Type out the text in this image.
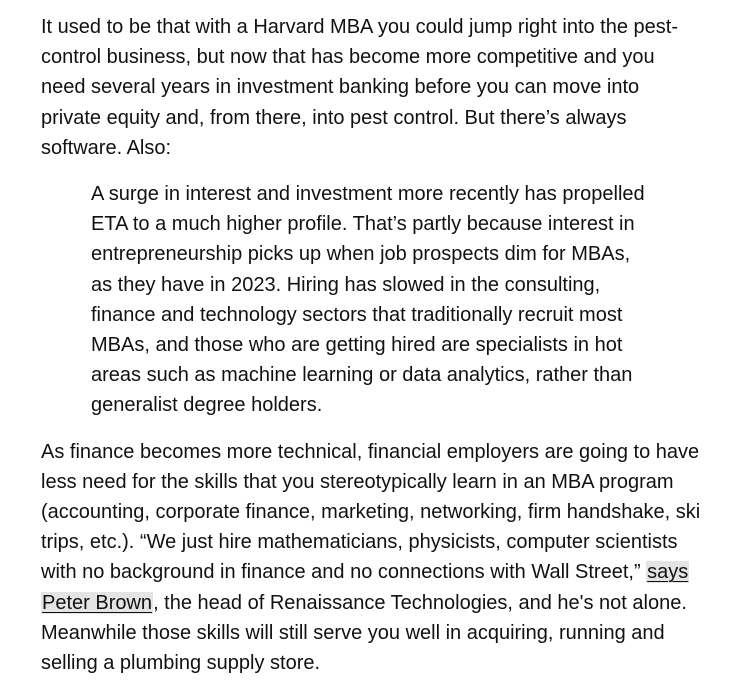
It used to be that with a Harvard MBA you could jump right into the pest-
control business, but now that has become more competitive and you
need several years in investment banking before you can move into
private equity and, from there, into pest control. But there’s always
software. Also:

A surge in interest and investment more recently has propelled
ETA to a much higher profile. That’s partly because interest in
entrepreneurship picks up when job prospects dim for MBAs,
as they have in 2023. Hiring has slowed in the consulting,
finance and technology sectors that traditionally recruit most
MBAs, and those who are getting hired are specialists in hot
areas such as machine learning or data analytics, rather than
generalist degree holders.

As finance becomes more technical, financial employers are going to have
less need for the skills that you stereotypically learn in an MBA program
(accounting, corporate finance, marketing, networking, firm handshake, ski
trips, etc.). “We just hire mathematicians, physicists, computer scientists
with no background in finance and no connections with Wall Street,” says
Peter Brown, the head of Renaissance Technologies, and he's not alone.
Meanwhile those skills will still serve you well in acquiring, running and
selling a plumbing supply store.
